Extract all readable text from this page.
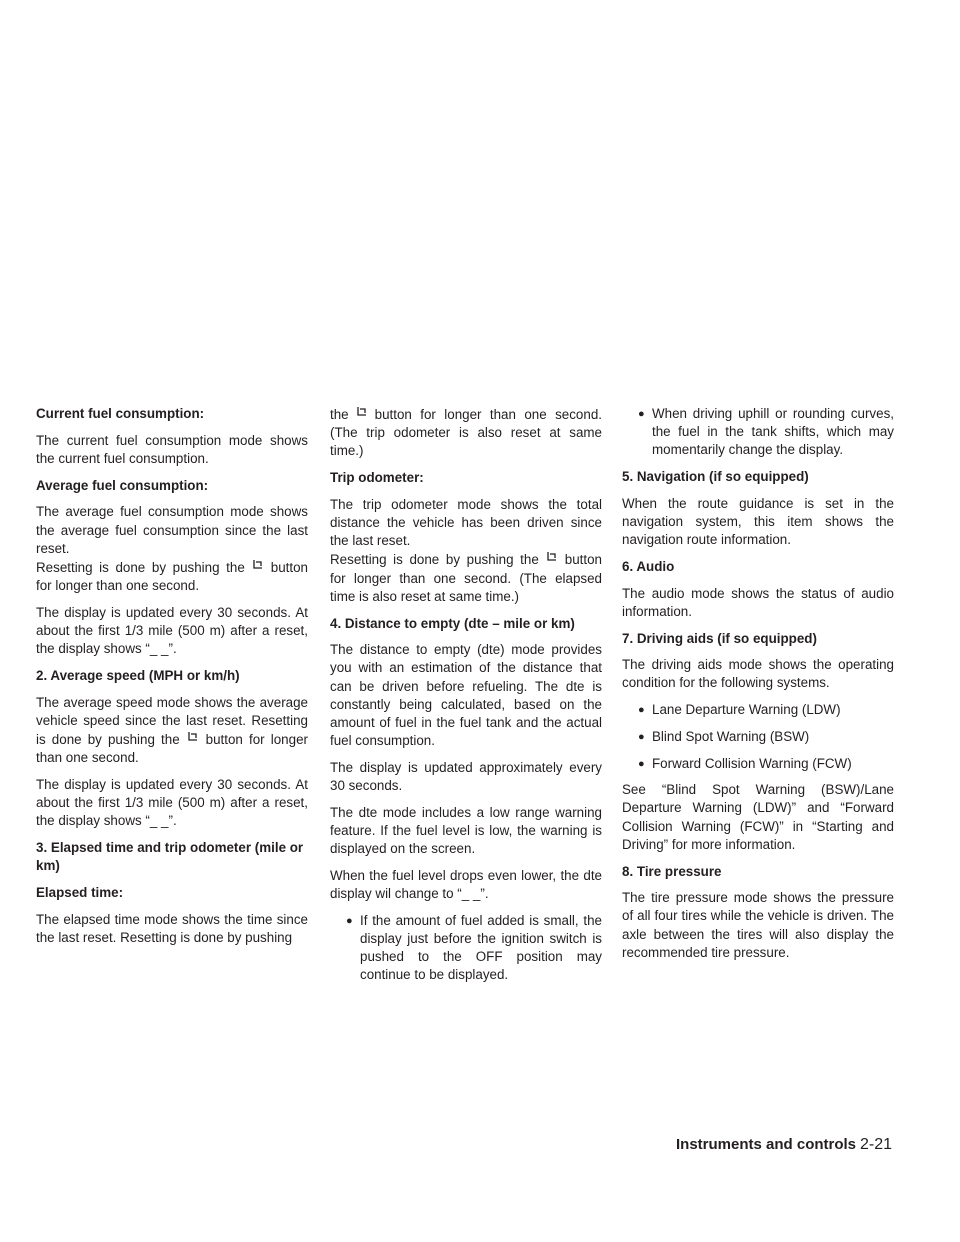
Current fuel consumption:

The current fuel consumption mode shows the current fuel consumption.

Average fuel consumption:

The average fuel consumption mode shows the average fuel consumption since the last reset.

Resetting is done by pushing the button for longer than one second.

The display is updated every 30 seconds. At about the first 1/3 mile (500 m) after a reset, the display shows “_ _”.

2. Average speed (MPH or km/h)

The average speed mode shows the average vehicle speed since the last reset. Resetting is done by pushing the button for longer than one second.

The display is updated every 30 seconds. At about the first 1/3 mile (500 m) after a reset, the display shows “_ _”.

3. Elapsed time and trip odometer (mile or km)

Elapsed time:

The elapsed time mode shows the time since the last reset. Resetting is done by pushing

the button for longer than one second. (The trip odometer is also reset at same time.)

Trip odometer:

The trip odometer mode shows the total distance the vehicle has been driven since the last reset.

Resetting is done by pushing the button for longer than one second. (The elapsed time is also reset at same time.)

4. Distance to empty (dte – mile or km)

The distance to empty (dte) mode provides you with an estimation of the distance that can be driven before refueling. The dte is constantly being calculated, based on the amount of fuel in the fuel tank and the actual fuel consumption.

The display is updated approximately every 30 seconds.

The dte mode includes a low range warning feature. If the fuel level is low, the warning is displayed on the screen.

When the fuel level drops even lower, the dte display wil change to “_ _”.

● If the amount of fuel added is small, the display just before the ignition switch is pushed to the OFF position may continue to be displayed.
● When driving uphill or rounding curves, the fuel in the tank shifts, which may momentarily change the display.

5. Navigation (if so equipped)

When the route guidance is set in the navigation system, this item shows the navigation route information.

6. Audio

The audio mode shows the status of audio information.

7. Driving aids (if so equipped)

The driving aids mode shows the operating condition for the following systems.

● Lane Departure Warning (LDW)
● Blind Spot Warning (BSW)
● Forward Collision Warning (FCW)

See “Blind Spot Warning (BSW)/Lane Departure Warning (LDW)” and “Forward Collision Warning (FCW)” in “Starting and Driving” for more information.

8. Tire pressure

The tire pressure mode shows the pressure of all four tires while the vehicle is driven. The axle between the tires will also display the recommended tire pressure.

Instruments and controls 2-21
